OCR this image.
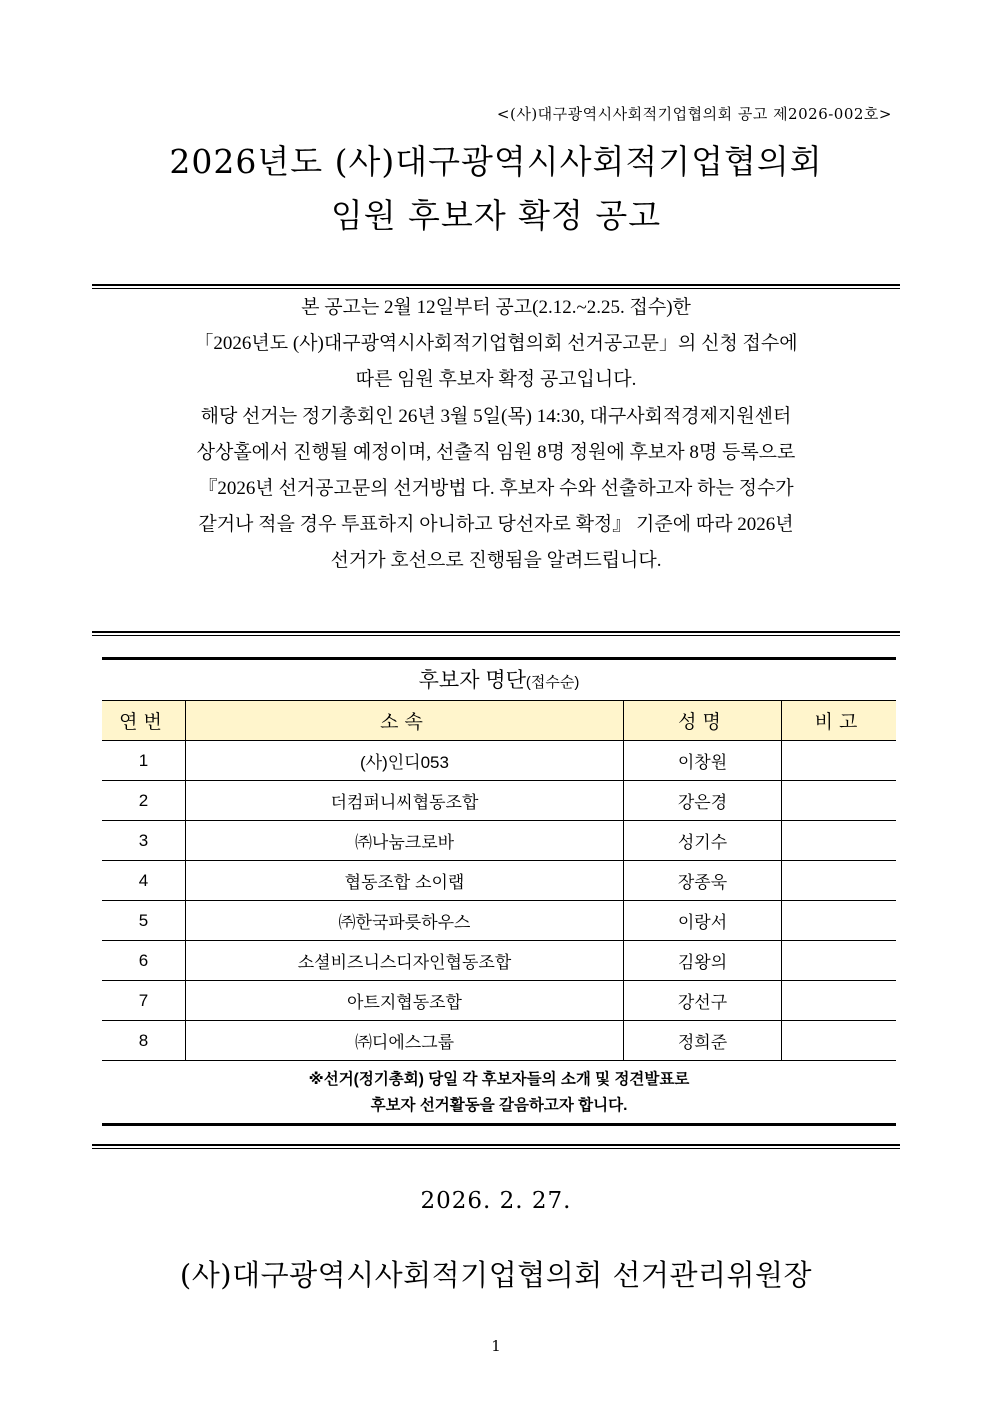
<(사)대구광역시사회적기업협의회 공고 제2026-002호>
2026년도 (사)대구광역시사회적기업협의회
임원 후보자 확정 공고
본 공고는 2월 12일부터 공고(2.12.~2.25. 접수)한
「2026년도 (사)대구광역시사회적기업협의회 선거공고문」의 신청 접수에
따른 임원 후보자 확정 공고입니다.
해당 선거는 정기총회인 26년 3월 5일(목) 14:30, 대구사회적경제지원센터
상상홀에서 진행될 예정이며, 선출직 임원 8명 정원에 후보자 8명 등록으로
『2026년 선거공고문의 선거방법 다. 후보자 수와 선출하고자 하는 정수가
같거나 적을 경우 투표하지 아니하고 당선자로 확정』 기준에 따라 2026년
선거가 호선으로 진행됨을 알려드립니다.
후보자 명단(접수순)
연번	소속	성명	비고
1	(사)인디053	이창원	
2	더컴퍼니씨협동조합	강은경	
3	㈜나눔크로바	성기수	
4	협동조합 소이랩	장종욱	
5	㈜한국파릇하우스	이랑서	
6	소셜비즈니스디자인협동조합	김왕의	
7	아트지협동조합	강선구	
8	㈜디에스그룹	정희준	
※선거(정기총회) 당일 각 후보자들의 소개 및 정견발표로
후보자 선거활동을 갈음하고자 합니다.
2026. 2. 27.
(사)대구광역시사회적기업협의회 선거관리위원장
1
